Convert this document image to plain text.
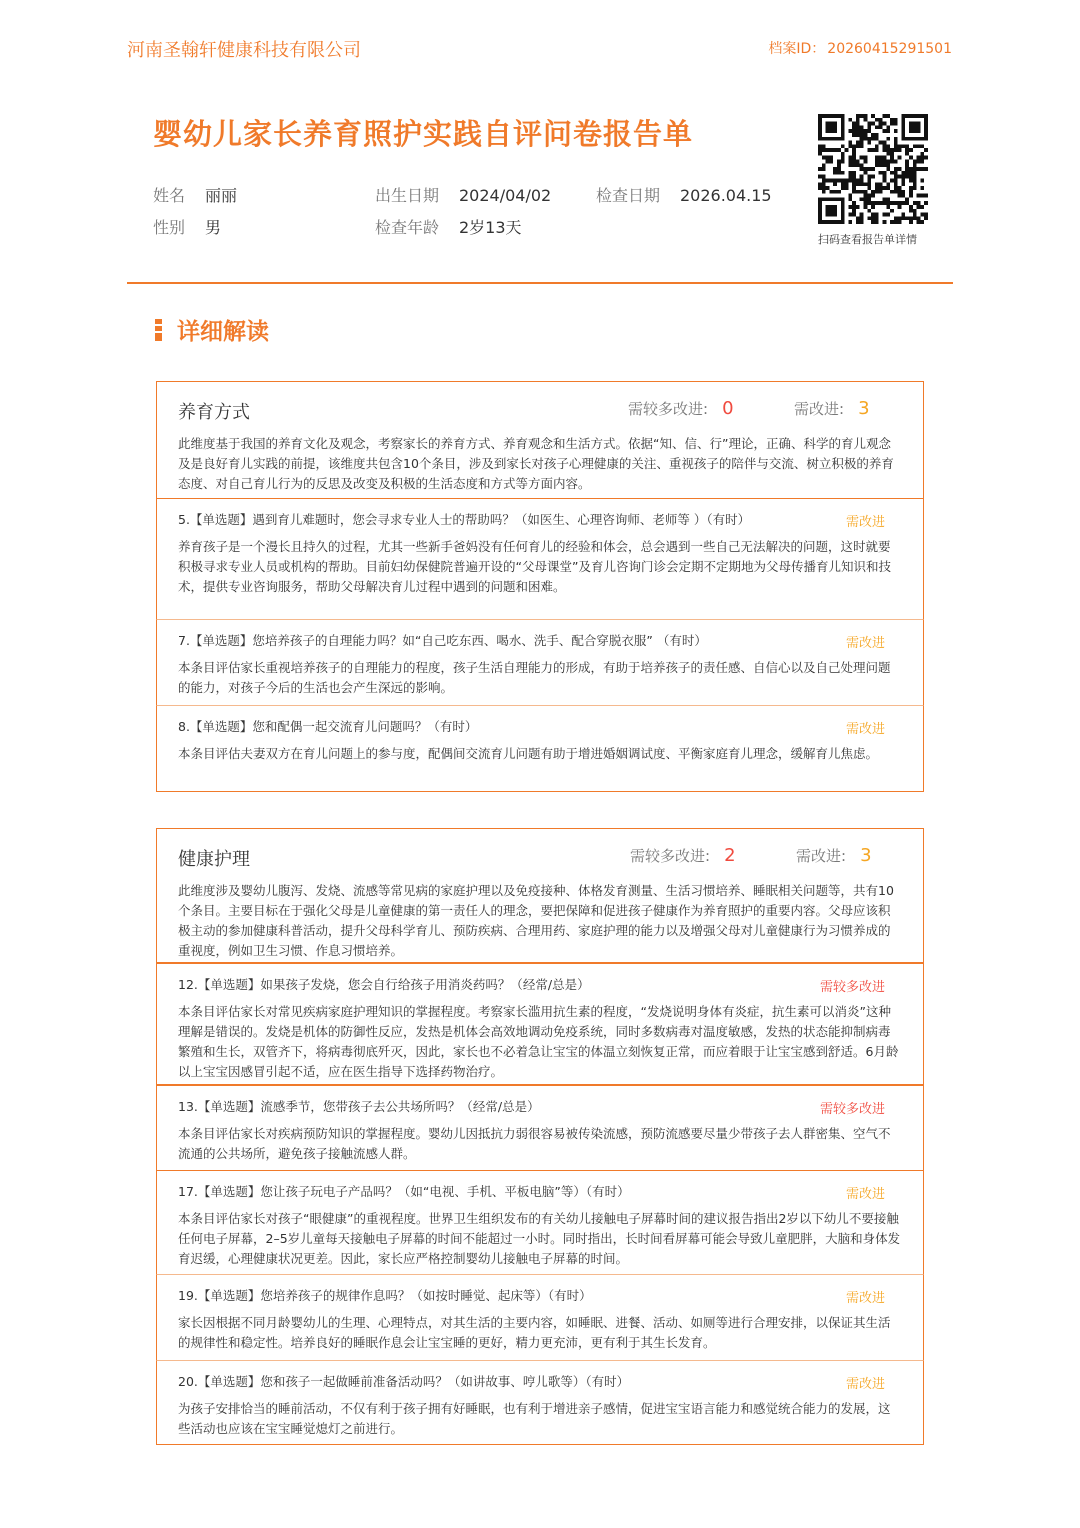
河南圣翰轩健康科技有限公司	档案ID： 20260415291501
婴幼儿家长养育照护实践自评问卷报告单
姓名 丽丽
性别 男
出生日期 2024/04/02
检查年龄 2岁13天
检查日期 2026.04.15
扫码查看报告单详情
详细解读
养育方式	需较多改进: 0	需改进: 3
此维度基于我国的养育文化及观念，考察家长的养育方式、养育观念和生活方式。依据“知、信、行”理论，正确、科学的育儿观念及是良好育儿实践的前提，该维度共包含10个条目，涉及到家长对孩子心理健康的关注、重视孩子的陪伴与交流、树立积极的养育态度、对自己育儿行为的反思及改变及积极的生活态度和方式等方面内容。
5.【单选题】遇到育儿难题时，您会寻求专业人士的帮助吗？（如医生、心理咨询师、老师等 ）（有时）	需改进
养育孩子是一个漫长且持久的过程，尤其一些新手爸妈没有任何育儿的经验和体会，总会遇到一些自己无法解决的问题，这时就要积极寻求专业人员或机构的帮助。目前妇幼保健院普遍开设的“父母课堂”及育儿咨询门诊会定期不定期地为父母传播育儿知识和技术，提供专业咨询服务，帮助父母解决育儿过程中遇到的问题和困难。
7.【单选题】您培养孩子的自理能力吗？如“自己吃东西、喝水、洗手、配合穿脱衣服” （有时）	需改进
本条目评估家长重视培养孩子的自理能力的程度，孩子生活自理能力的形成，有助于培养孩子的责任感、自信心以及自己处理问题的能力，对孩子今后的生活也会产生深远的影响。
8.【单选题】您和配偶一起交流育儿问题吗？（有时）	需改进
本条目评估夫妻双方在育儿问题上的参与度，配偶间交流育儿问题有助于增进婚姻调试度、平衡家庭育儿理念，缓解育儿焦虑。
健康护理	需较多改进: 2	需改进: 3
此维度涉及婴幼儿腹泻、发烧、流感等常见病的家庭护理以及免疫接种、体格发育测量、生活习惯培养、睡眠相关问题等，共有10个条目。主要目标在于强化父母是儿童健康的第一责任人的理念，要把保障和促进孩子健康作为养育照护的重要内容。父母应该积极主动的参加健康科普活动，提升父母科学育儿、预防疾病、合理用药、家庭护理的能力以及增强父母对儿童健康行为习惯养成的重视度，例如卫生习惯、作息习惯培养。
12.【单选题】如果孩子发烧，您会自行给孩子用消炎药吗？（经常/总是）	需较多改进
本条目评估家长对常见疾病家庭护理知识的掌握程度。考察家长滥用抗生素的程度，“发烧说明身体有炎症，抗生素可以消炎”这种理解是错误的。发烧是机体的防御性反应，发热是机体会高效地调动免疫系统，同时多数病毒对温度敏感，发热的状态能抑制病毒繁殖和生长，双管齐下，将病毒彻底歼灭，因此，家长也不必着急让宝宝的体温立刻恢复正常，而应着眼于让宝宝感到舒适。6月龄以上宝宝因感冒引起不适，应在医生指导下选择药物治疗。
13.【单选题】流感季节，您带孩子去公共场所吗？（经常/总是）	需较多改进
本条目评估家长对疾病预防知识的掌握程度。婴幼儿因抵抗力弱很容易被传染流感，预防流感要尽量少带孩子去人群密集、空气不流通的公共场所，避免孩子接触流感人群。
17.【单选题】您让孩子玩电子产品吗？（如“电视、手机、平板电脑”等）（有时）	需改进
本条目评估家长对孩子“眼健康”的重视程度。世界卫生组织发布的有关幼儿接触电子屏幕时间的建议报告指出2岁以下幼儿不要接触任何电子屏幕，2–5岁儿童每天接触电子屏幕的时间不能超过一小时。同时指出，长时间看屏幕可能会导致儿童肥胖，大脑和身体发育迟缓，心理健康状况更差。因此，家长应严格控制婴幼儿接触电子屏幕的时间。
19.【单选题】您培养孩子的规律作息吗？（如按时睡觉、起床等）（有时）	需改进
家长因根据不同月龄婴幼儿的生理、心理特点，对其生活的主要内容，如睡眠、进餐、活动、如厕等进行合理安排，以保证其生活的规律性和稳定性。培养良好的睡眠作息会让宝宝睡的更好，精力更充沛，更有利于其生长发育。
20.【单选题】您和孩子一起做睡前准备活动吗？（如讲故事、哼儿歌等）（有时）	需改进
为孩子安排恰当的睡前活动，不仅有利于孩子拥有好睡眠，也有利于增进亲子感情，促进宝宝语言能力和感觉统合能力的发展，这些活动也应该在宝宝睡觉熄灯之前进行。
